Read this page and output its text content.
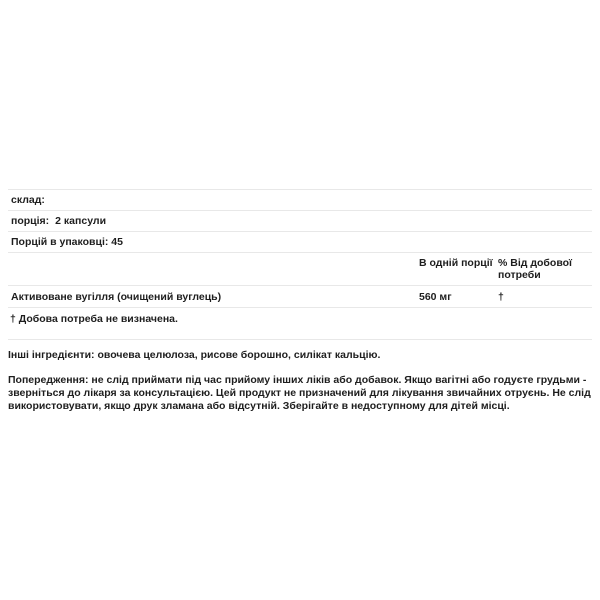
склад:
порція: 2 капсули
Порцій в упаковці: 45
В одній порції % Від добової потреби
Активоване вугілля (очищений вуглець)	560 мг	†
† Добова потреба не визначена.
Інші інгредієнти: овочева целюлоза, рисове борошно, силікат кальцію.
Попередження: не слід приймати під час прийому інших ліків або добавок. Якщо вагітні або годуєте грудьми - зверніться до лікаря за консультацією. Цей продукт не призначений для лікування звичайних отруєнь. Не слід використовувати, якщо друк зламана або відсутній. Зберігайте в недоступному для дітей місці.
